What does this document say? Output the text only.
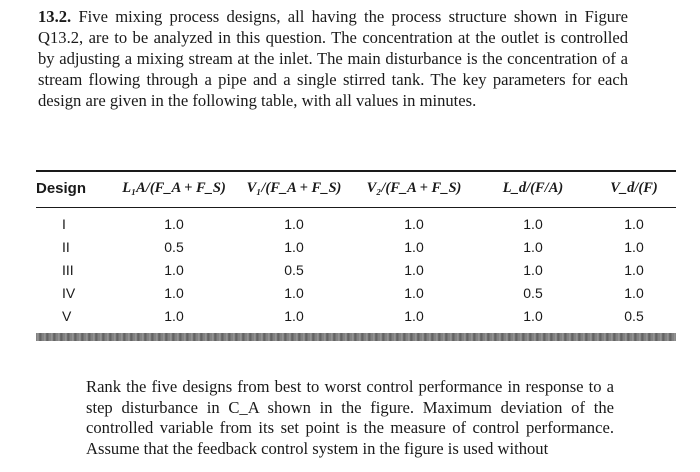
13.2. Five mixing process designs, all having the process structure shown in Figure Q13.2, are to be analyzed in this question. The concentration at the outlet is controlled by adjusting a mixing stream at the inlet. The main disturbance is the concentration of a stream flowing through a pipe and a single stirred tank. The key parameters for each design are given in the following table, with all values in minutes.
Design	L₁A/(F_A + F_S)	V₁/(F_A + F_S)	V₂/(F_A + F_S)	L_d/(F/A)	V_d/(F)
I	1.0	1.0	1.0	1.0	1.0
II	0.5	1.0	1.0	1.0	1.0
III	1.0	0.5	1.0	1.0	1.0
IV	1.0	1.0	1.0	0.5	1.0
V	1.0	1.0	1.0	1.0	0.5
Rank the five designs from best to worst control performance in response to a step disturbance in C_A shown in the figure. Maximum deviation of the controlled variable from its set point is the measure of control performance. Assume that the feedback control system in the figure is used without
